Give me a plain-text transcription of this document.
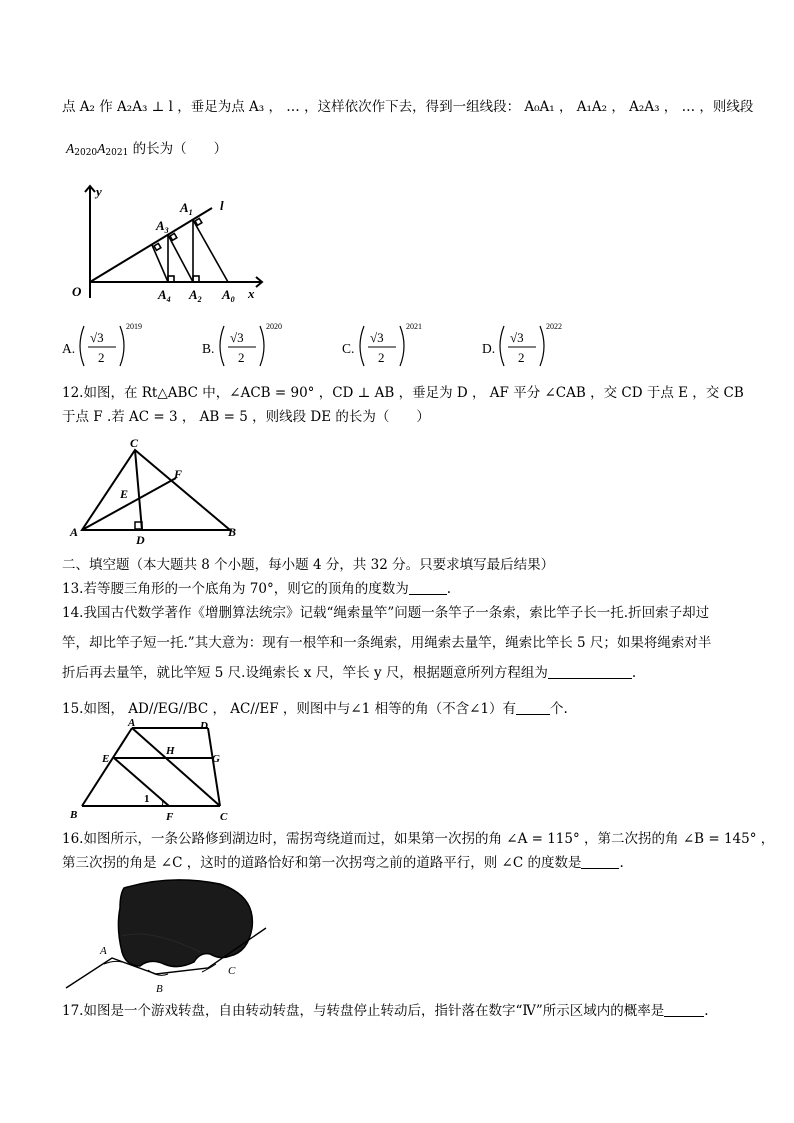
点 A₂ 作 A₂A₃ ⊥ l ，垂足为点 A₃ ， … ，这样依次作下去，得到一组线段： A₀A₁ ， A₁A₂ ， A₂A₃ ， … ，则线段
$A_{2020}A_{2021}$ 的长为（　　）
y
x
O
l
$A_1$
$A_3$
$A_0$
$A_2$
$A_4$
A.
√3
2
2019
B.
√3
2
2020
C.
√3
2
2021
D.
√3
2
2022
12.如图，在 Rt△ABC 中，∠ACB = 90° ，CD ⊥ AB ，垂足为 D ， AF 平分 ∠CAB ，交 CD 于点 E ，交 CB
于点 F .若 AC = 3 ， AB = 5 ，则线段 DE 的长为（　　）
C
A	B
D
E
F
二、填空题（本大题共 8 个小题，每小题 4 分，共 32 分。只要求填写最后结果）
13.若等腰三角形的一个底角为 70°，则它的顶角的度数为	.
14.我国古代数学著作《增删算法统宗》记载“绳索量竿”问题一条竿子一条索，索比竿子长一托.折回索子却过
竿，却比竿子短一托.”其大意为：现有一根竿和一条绳索，用绳索去量竿，绳索比竿长 5 尺；如果将绳索对半
折后再去量竿，就比竿短 5 尺.设绳索长 x 尺，竿长 y 尺，根据题意所列方程组为	.
15.如图， AD//EG//BC ， AC//EF ，则图中与∠1 相等的角（不含∠1）有	个.
A	D
E
H
G
B	F	C
1
16.如图所示，一条公路修到湖边时，需拐弯绕道而过，如果第一次拐的角 ∠A = 115° ，第二次拐的角 ∠B = 145° ，
第三次拐的角是 ∠C ，这时的道路恰好和第一次拐弯之前的道路平行，则 ∠C 的度数是	.
A
B
C
17.如图是一个游戏转盘，自由转动转盘，与转盘停止转动后，指针落在数字“Ⅳ”所示区域内的概率是	.
